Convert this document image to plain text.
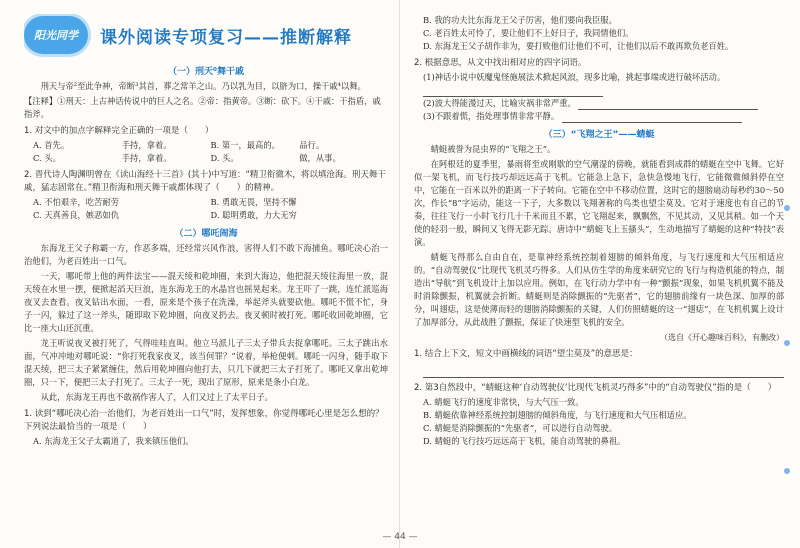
阳光同学	课外阅读专项复习——推断解释
（一）刑天⁰舞干戚

刑天与帝²至此争神，帝断³其首，葬之常羊之山。乃以乳为目，以脐为口，操干戚⁴以舞。

【注释】①刑天：上古神话传说中的巨人之名。②帝：指黄帝。③断：砍下。④干戚：干指盾，戚指斧。

1. 对文中的加点字解释完全正确的一项是（　　）

A. 首先。	手持，拿着。	B. 第一，最高的。	品行。
C. 头。	手持，拿着。	D. 头。	做，从事。

2. 晋代诗人陶渊明曾在《读山海经十三首》(其十)中写道：“精卫衔微木，将以填沧海。刑天舞干戚，猛志固常在。”精卫衔海和刑天舞干戚都体现了（　　）的精神。

A. 不怕艰辛，吃苦耐劳	B. 勇敢无畏，坚持不懈
C. 天真善良，嫉恶如仇	D. 聪明勇敢，力大无穷
（二）哪吒闹海

东海龙王父子称霸一方，作恶多端，还经常兴风作浪，害得人们不敢下海捕鱼。哪吒决心治一治他们，为老百姓出一口气。

一天，哪吒带上他的两件法宝——混天绫和乾坤圈，来到大海边，他把混天绫往海里一放，混天绫在水里一摆，便掀起滔天巨浪，连东海龙王的水晶宫也摇晃起来。龙王吓了一跳，连忙派巡海夜叉去查看。夜叉钻出水面，一看，原来是个孩子在洗澡，举起斧头就要砍他。哪吒不慌不忙，身子一闪，躲过了这一斧头，随即取下乾坤圈，向夜叉扔去。夜叉顿时被打死。哪吒收回乾坤圈，它比一座大山还沉重。

龙王听说夜叉被打死了，气得哇哇直叫。他立马派儿子三太子带兵去捉拿哪吒。三太子跳出水面，气冲冲地对哪吒说：“你打死我家夜叉，该当何罪？”说着，举枪便刺。哪吒一闪身，随手取下混天绫，把三太子紧紧缠住，然后用乾坤圈向他打去，只几下就把三太子打死了。哪吒又拿出乾坤圈，只一下，便把三太子打死了。三太子一死，现出了原形，原来是条小白龙。

从此，东海龙王再也不敢祸作害人了，人们又过上了太平日子。

1. 读到“哪吒决心治一治他们，为老百姓出一口气”时，发挥想象，你觉得哪吒心里是怎么想的？下列说法最恰当的一项是（　　）

A. 东海龙王父子太霸道了，我来镇压他们。
B. 我的功夫比东海龙王父子厉害，他们要向我臣服。
C. 老百姓太可怜了，要让他们不上好日子，我同情他们。
D. 东海龙王父子胡作非为，要打败他们让他们不可，让他们以后不敢再欺负老百姓。

2. 根据意思，从文中找出相对应的四字词语。

(1)神话小说中妖魔鬼怪施展法术掀起风浪，现多比喻，挑起事端或进行破坏活动。
(2)波大得能漫过天，比喻灾祸非常严重。
(3)不跟着慌，指处理事情非常平静。
（三）“飞翔之王”——蜻蜓

蜻蜓被誉为昆虫界的“飞翔之王”。

在阿根廷的夏季里，暴雨将至或刚歇的空气潮湿的傍晚，就能看到成群的蜻蜓在空中飞舞。它好似一架飞机，而飞行技巧却远远高于飞机。它能急上急下，急快急慢地飞行，它能微微倾斜停在空中，它能在一百米以外的距离一下子转向。它能在空中不移动位置，这时它的翅膀扇动每秒约30～50次，作长“8”字运动，能这一下子，大多数以飞翔著称的鸟类也望尘莫及。它对于速度也有自己的节奏，往往飞行一小时飞行几十千米而且不累，它飞翔起来，飘飘然，不见其动，又见其稍。如一个天使的轻羽一般，瞬间又飞得无影无踪。唐诗中“蜻蜓飞上玉搔头”，生动地描写了蜻蜓的这种“特技”表演。

蜻蜓飞得那么自由自在，是靠神经系统控制着翅膀的倾斜角度，与飞行速度和大气压相适应的。“自动驾驶仪”比现代飞机灵巧得多。人们从仿生学的角度来研究它的飞行与构造机能的特点，制造出“导航”到飞机设计上加以应用。例如，在飞行动力学中有一种“颤振”现象，如果飞机机翼不能及时消除颤振，机翼就会折断。蜻蜓则是消除颤振的“先驱者”，它的翅膀前缘有一块色深、加厚的部分，叫翅痣，这是使薄而轻的翅膀消除颤振的关键，人们仿照蜻蜓的这一“翅痣”，在飞机机翼上设计了加厚部分，从此战胜了颤振，保证了快速型飞机的安全。

（选自《开心趣味百科》，有删改）

1. 结合上下文，短文中画横线的词语“望尘莫及”的意思是：

2. 第3自然段中，“蜻蜓这种‘自动驾驶仪’比现代飞机灵巧得多”中的“自动驾驶仪”指的是（　　）

A. 蜻蜓飞行的速度非常快，与大气压一致。
B. 蜻蜓依靠神经系统控制翅膀的倾斜角度，与飞行速度和大气压相适应。
C. 蜻蜓是消除颤振的“先驱者”，可以进行自动驾驶。
D. 蜻蜓的飞行技巧远远高于飞机，能自动驾驶的鼻祖。
— 44 —
